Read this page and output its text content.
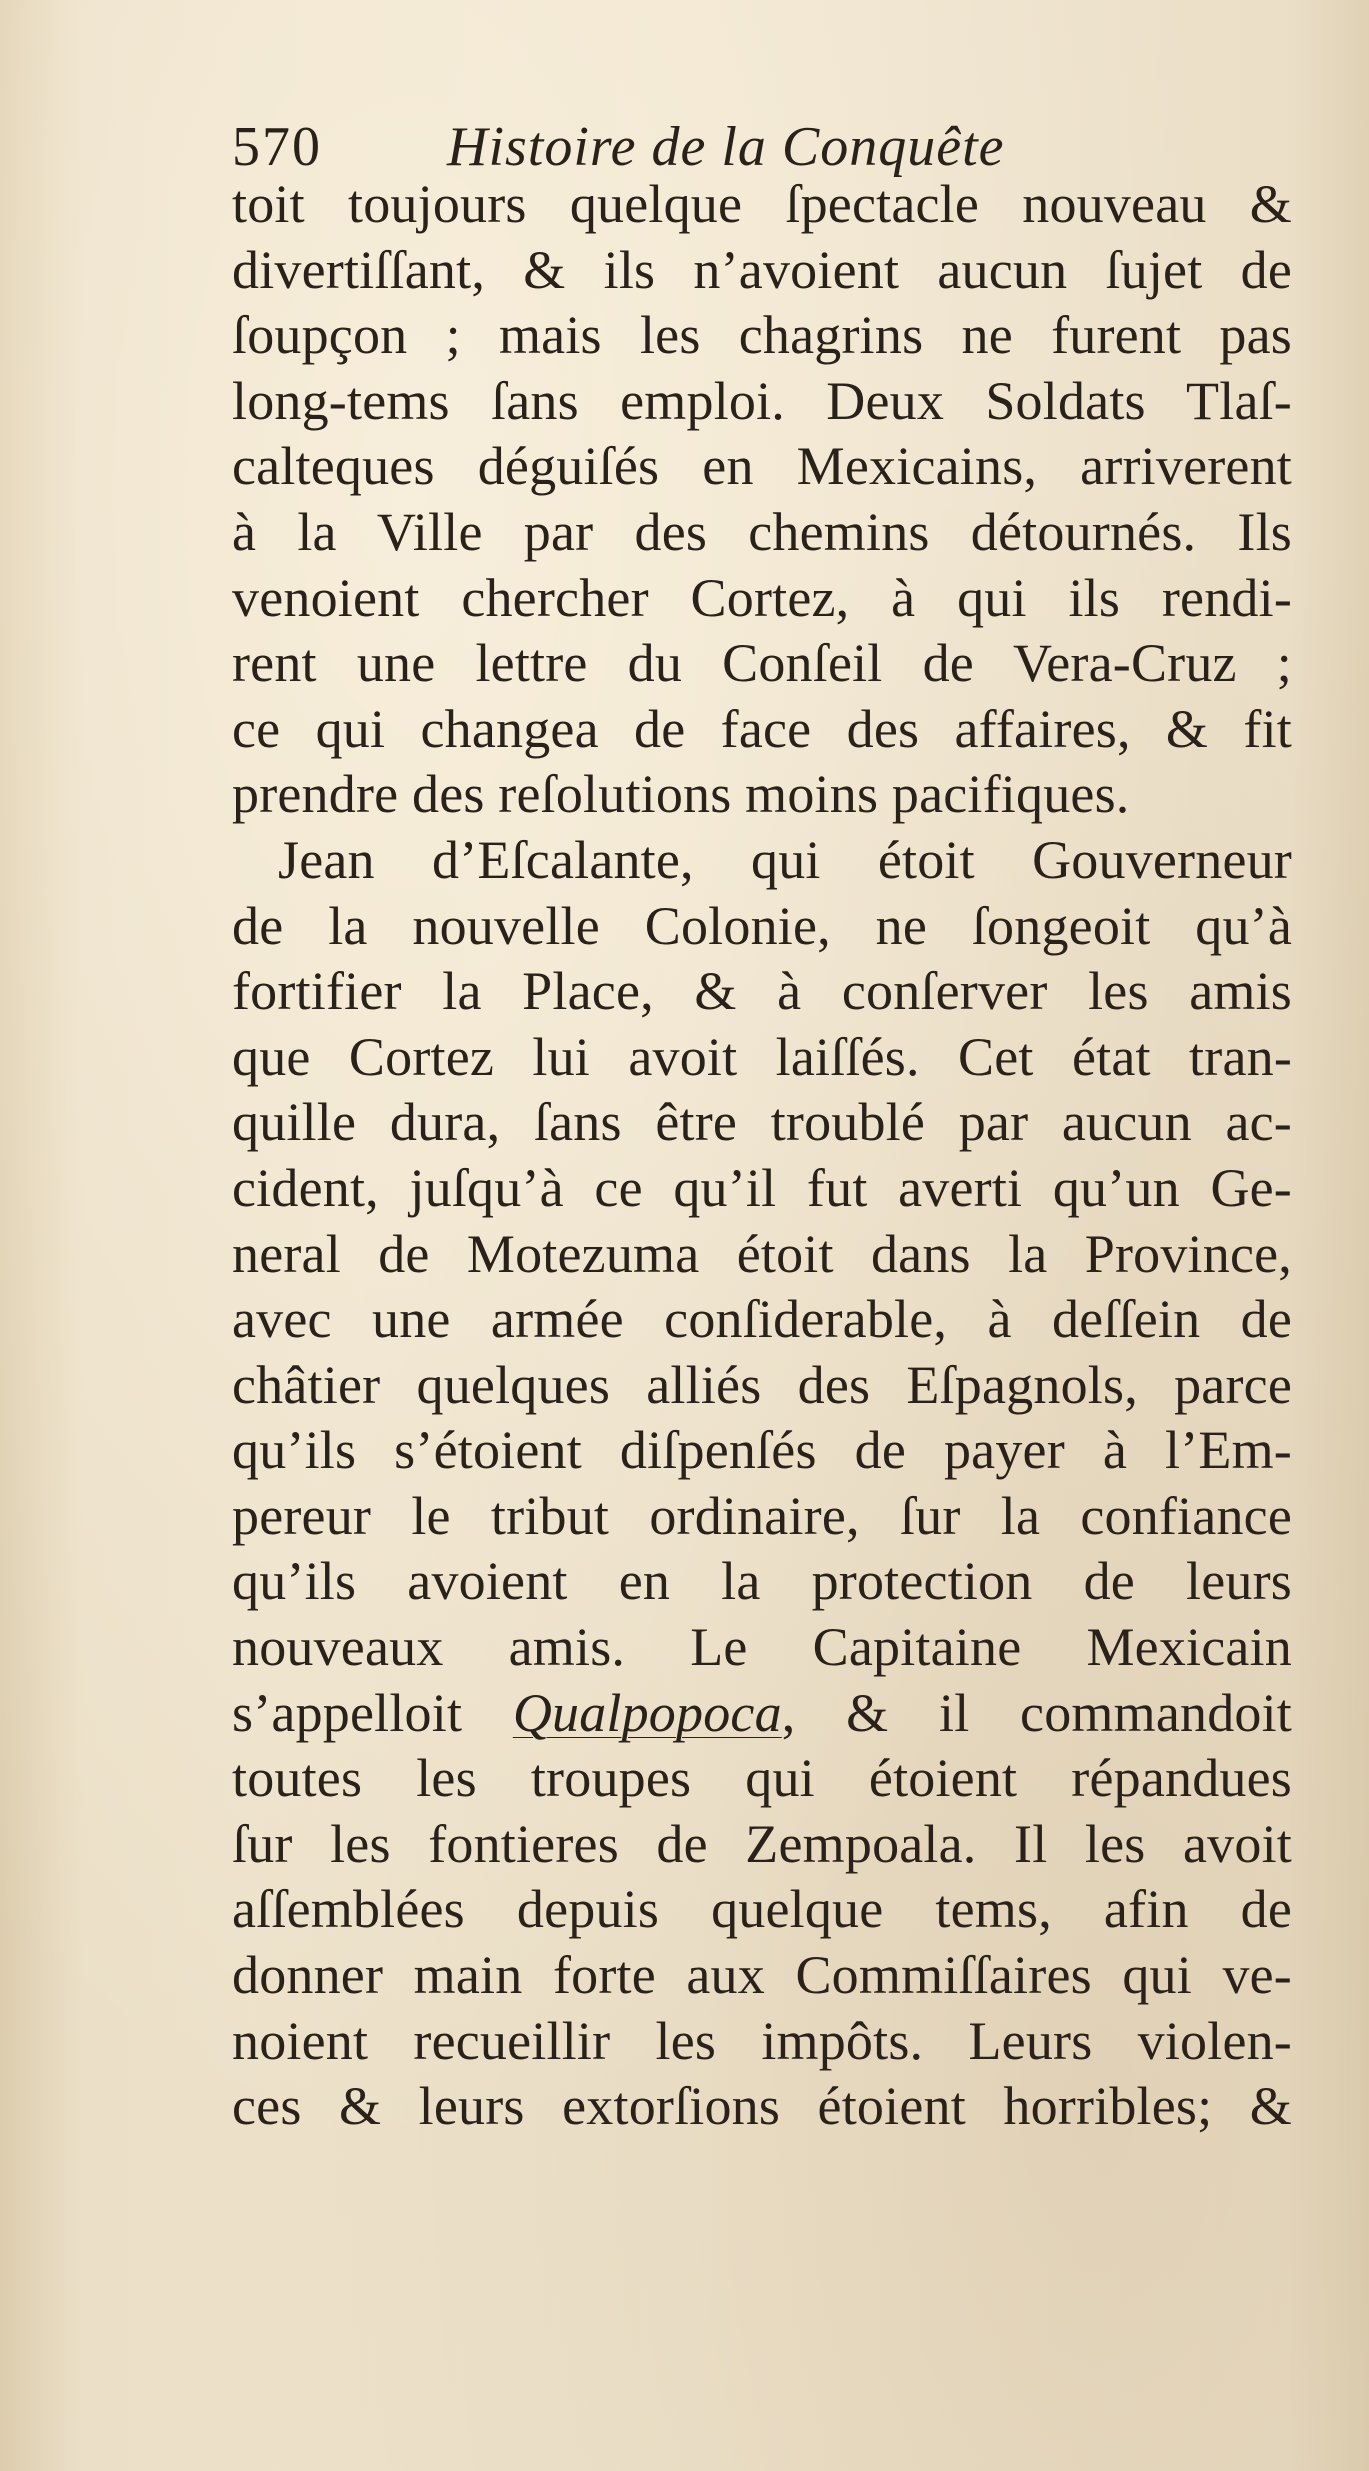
570 Histoire de la Conquête
toit toujours quelque ſpectacle nouveau &
divertiſſant, & ils n’avoient aucun ſujet de
ſoupçon ; mais les chagrins ne furent pas
long-tems ſans emploi. Deux Soldats Tlaſ-
calteques déguiſés en Mexicains, arriverent
à la Ville par des chemins détournés. Ils
venoient chercher Cortez, à qui ils rendi-
rent une lettre du Conſeil de Vera-Cruz ;
ce qui changea de face des affaires, & fit
prendre des reſolutions moins pacifiques.
Jean d’Eſcalante, qui étoit Gouverneur
de la nouvelle Colonie, ne ſongeoit qu’à
fortifier la Place, & à conſerver les amis
que Cortez lui avoit laiſſés. Cet état tran-
quille dura, ſans être troublé par aucun ac-
cident, juſqu’à ce qu’il fut averti qu’un Ge-
neral de Motezuma étoit dans la Province,
avec une armée conſiderable, à deſſein de
châtier quelques alliés des Eſpagnols, parce
qu’ils s’étoient diſpenſés de payer à l’Em-
pereur le tribut ordinaire, ſur la confiance
qu’ils avoient en la protection de leurs
nouveaux amis. Le Capitaine Mexicain
s’appelloit Qualpopoca, & il commandoit
toutes les troupes qui étoient répandues
ſur les fontieres de Zempoala. Il les avoit
aſſemblées depuis quelque tems, afin de
donner main forte aux Commiſſaires qui ve-
noient recueillir les impôts. Leurs violen-
ces & leurs extorſions étoient horribles; &
